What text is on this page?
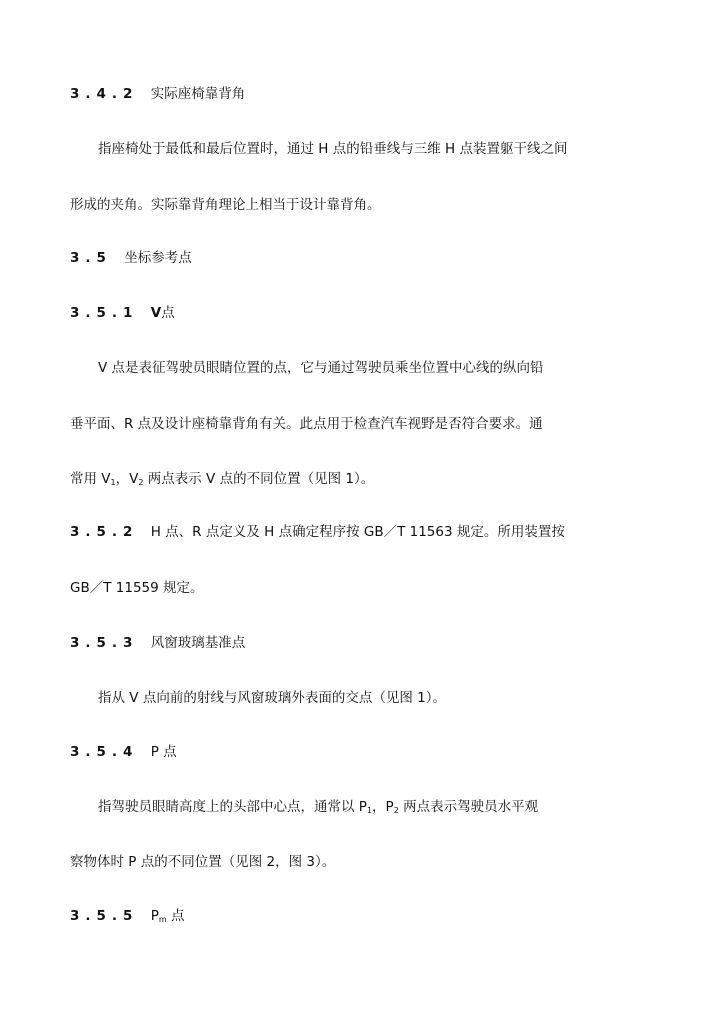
3.4.2 实际座椅靠背角
指座椅处于最低和最后位置时，通过 H 点的铅垂线与三维 H 点装置躯干线之间
形成的夹角。实际靠背角理论上相当于设计靠背角。
3.5 坐标参考点
3.5.1 V点
V 点是表征驾驶员眼睛位置的点，它与通过驾驶员乘坐位置中心线的纵向铅
垂平面、R 点及设计座椅靠背角有关。此点用于检查汽车视野是否符合要求。通
常用 $V_1$，$V_2$ 两点表示 V 点的不同位置（见图 1）。
3.5.2 H 点、R 点定义及 H 点确定程序按 GB／T 11563 规定。所用装置按
GB／T 11559 规定。
3.5.3 风窗玻璃基准点
指从 V 点向前的射线与风窗玻璃外表面的交点（见图 1）。
3.5.4 P 点
指驾驶员眼睛高度上的头部中心点，通常以 $P_1$，$P_2$ 两点表示驾驶员水平观
察物体时 P 点的不同位置（见图 2，图 3）。
3.5.5 $P_m$ 点
